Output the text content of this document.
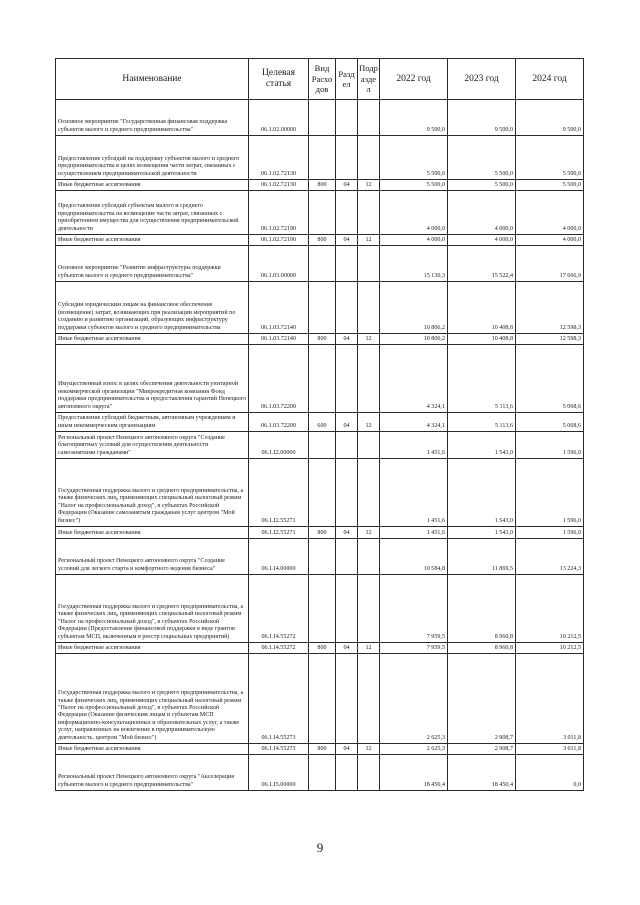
Наименование	Целевая статья	Вид Расхо дов	Разд ел	Подр азде л	2022 год	2023 год	2024 год
Основное мероприятие "Государственная финансовая поддержка субъектов малого и среднего предпринимательства"	06.1.02.00000				9 500,0	9 500,0	9 500,0
Предоставление субсидий на поддержку субъектов малого и среднего предпринимательства в целях возмещения части затрат, связанных с осуществлением предпринимательской деятельности	06.1.02.72130				5 500,0	5 500,0	5 500,0
Иные бюджетные ассигнования	06.1.02.72130	800	04	12	5 500,0	5 500,0	5 500,0
Предоставление субсидий субъектам малого и среднего предпринимательства на возмещение части затрат, связанных с приобретением имущества для осуществления предпринимательской деятельности	06.1.02.72190				4 000,0	4 000,0	4 000,0
Иные бюджетные ассигнования	06.1.02.72190	800	04	12	4 000,0	4 000,0	4 000,0
Основное мероприятие "Развитие инфраструктуры поддержки субъектов малого и среднего предпринимательства"	06.1.03.00000				15 130,3	15 522,4	17 666,9
Субсидии юридическим лицам на финансовое обеспечение (возмещение) затрат, возникающих при реализации мероприятий по созданию и развитию организаций, образующих инфраструктуру поддержки субъектов малого и среднего предпринимательства	06.1.03.72140				10 806,2	10 408,8	12 598,3
Иные бюджетные ассигнования	06.1.03.72140	800	04	12	10 806,2	10 408,8	12 598,3
Имущественный взнос в целях обеспечения деятельности унитарной некоммерческой организации "Микрокредитная компания Фонд поддержки предпринимательства и предоставления гарантий Ненецкого автономного округа"	06.1.03.72200				4 324,1	5 113,6	5 068,6
Предоставление субсидий бюджетным, автономным учреждениям и иным некоммерческим организациям	06.1.03.72200	600	04	12	4 324,1	5 113,6	5 068,6
Региональный проект Ненецкого автономного округа "Создание благоприятных условий для осуществления деятельности самозанятыми гражданами"	06.1.I2.00000				1 451,6	1 543,0	1 596,0
Государственная поддержка малого и среднего предпринимательства, а также физических лиц, применяющих специальный налоговый режим "Налог на профессиональный доход", в субъектах Российской Федерации (Оказание самозанятым гражданам услуг центром "Мой бизнес")	06.1.I2.55271				1 451,6	1 543,0	1 596,0
Иные бюджетные ассигнования	06.1.I2.55271	800	04	12	1 451,6	1 543,0	1 596,0
Региональный проект Ненецкого автономного округа "Создание условий для легкого старта и комфортного ведения бизнеса"	06.1.I4.00000				10 584,8	11 869,5	13 224,3
Государственная поддержка малого и среднего предпринимательства, а также физических лиц, применяющих специальный налоговый режим "Налог на профессиональный доход", в субъектах Российской Федерации (Предоставление финансовой поддержки в виде грантов субъектам МСП, включенным в реестр социальных предприятий)	06.1.I4.55272				7 959,5	8 960,8	10 212,5
Иные бюджетные ассигнования	06.1.I4.55272	800	04	12	7 959,5	8 960,8	10 212,5
Государственная поддержка малого и среднего предпринимательства, а также физических лиц, применяющих специальный налоговый режим "Налог на профессиональный доход", в субъектах Российской Федерации (Оказание физическим лицам и субъектам МСП информационно-консультационных и образовательных услуг, а также услуг, направленных на вовлечение в предпринимательскую деятельность, центром "Мой бизнес")	06.1.I4.55273				2 625,3	2 908,7	3 011,8
Иные бюджетные ассигнования	06.1.I4.55273	800	04	12	2 625,3	2 908,7	3 011,8
Региональный проект Ненецкого автономного округа "Акселерация субъектов малого и среднего предпринимательства"	06.1.I5.00000				18 450,4	18 450,4	0,0
9
